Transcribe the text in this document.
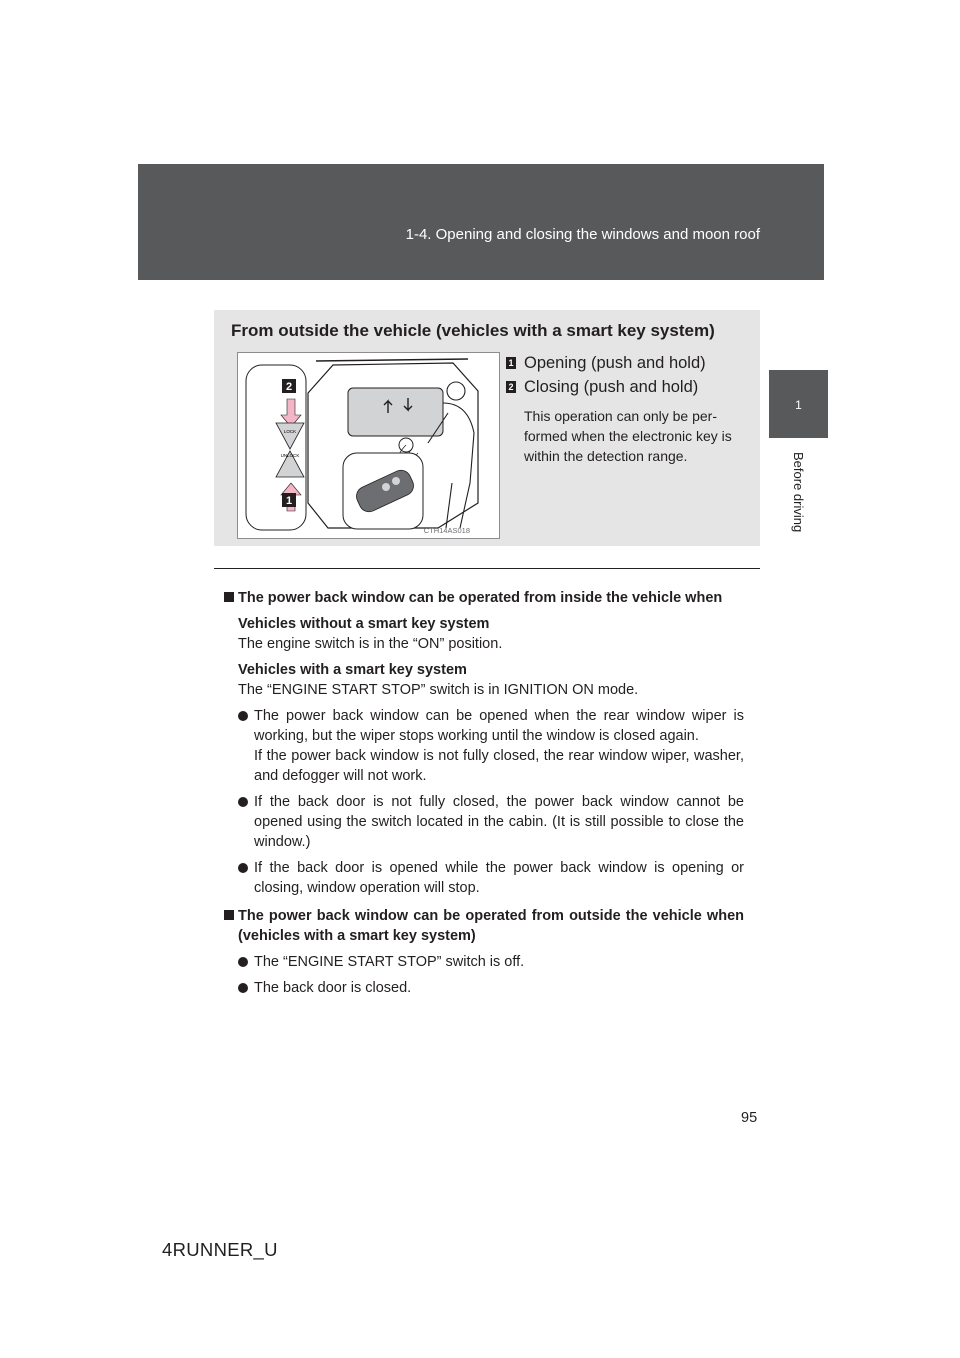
1-4. Opening and closing the windows and moon roof
1
Before driving
From outside the vehicle (vehicles with a smart key system)
2
LOCK
UNLOCK
1
CTH14AS018
1 Opening (push and hold)
2 Closing (push and hold)
This operation can only be per-formed when the electronic key is within the detection range.
The power back window can be operated from inside the vehicle when
Vehicles without a smart key system
The engine switch is in the “ON” position.
Vehicles with a smart key system
The “ENGINE START STOP” switch is in IGNITION ON mode.
The power back window can be opened when the rear window wiper is working, but the wiper stops working until the window is closed again.
If the power back window is not fully closed, the rear window wiper, washer, and defogger will not work.
If the back door is not fully closed, the power back window cannot be opened using the switch located in the cabin. (It is still possible to close the window.)
If the back door is opened while the power back window is opening or closing, window operation will stop.
The power back window can be operated from outside the vehicle when (vehicles with a smart key system)
The “ENGINE START STOP” switch is off.
The back door is closed.
95
4RUNNER_U
